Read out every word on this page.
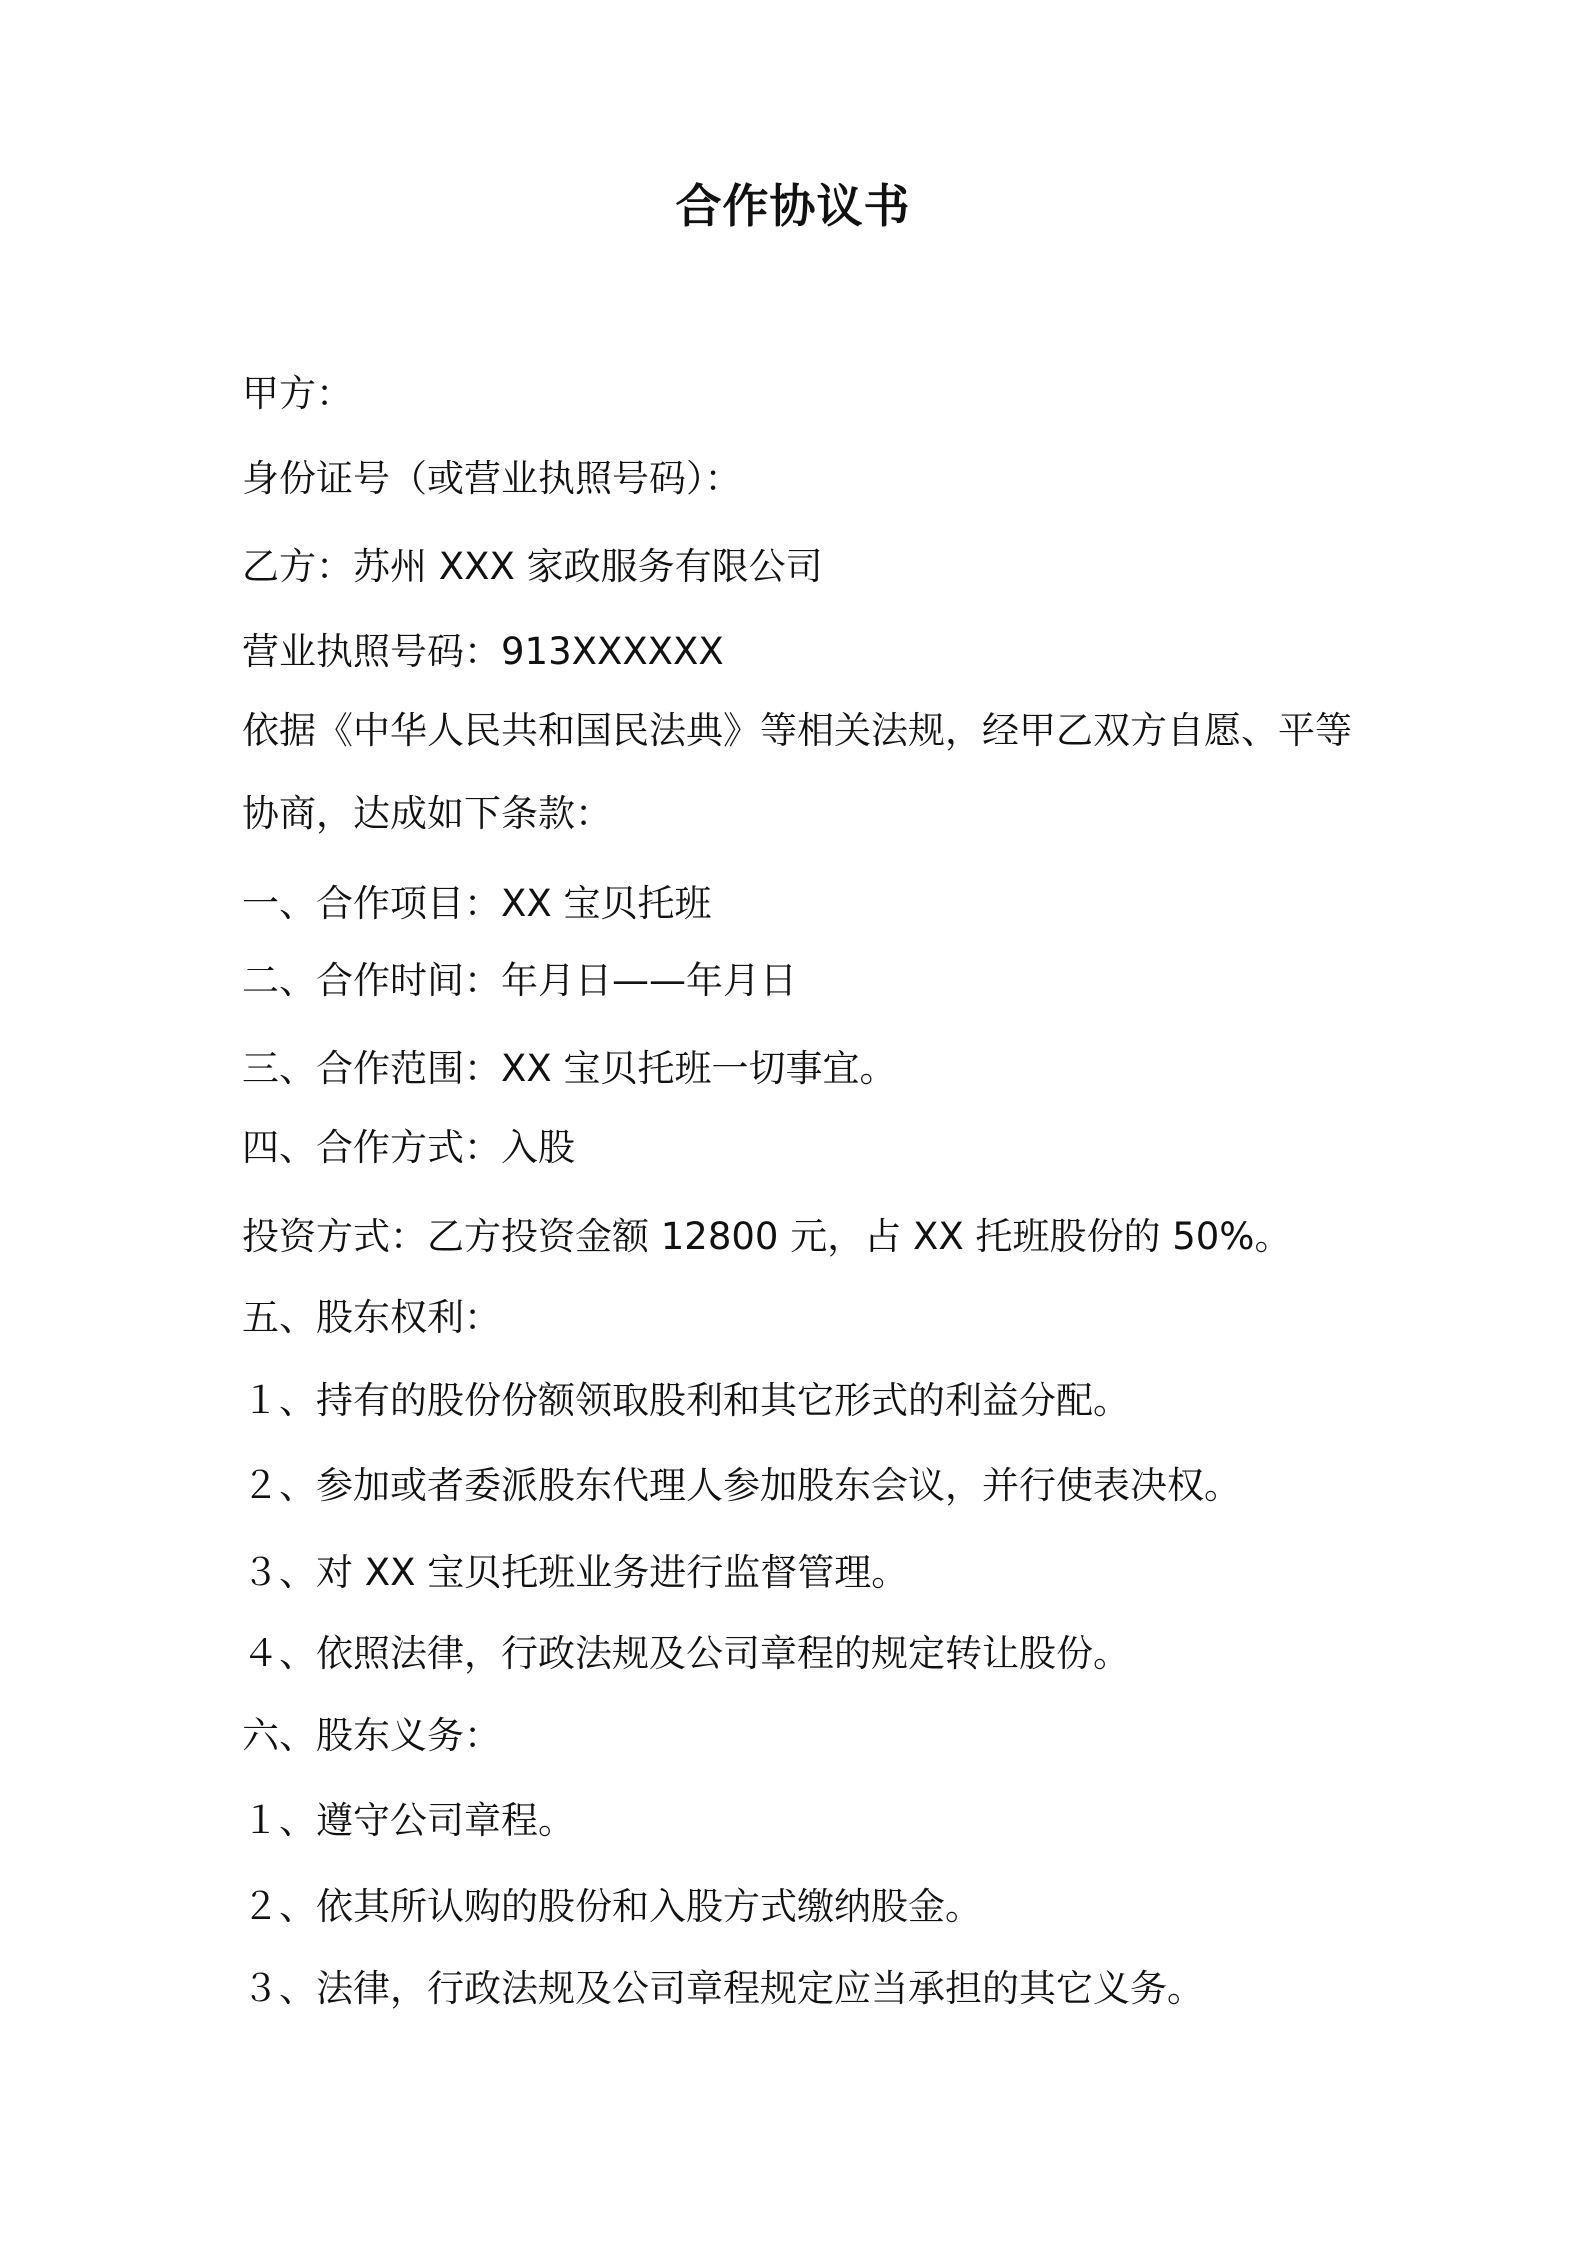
合作协议书

甲方：

身份证号（或营业执照号码）：

乙方：苏州 XXX 家政服务有限公司

营业执照号码：913XXXXXX

依据《中华人民共和国民法典》等相关法规，经甲乙双方自愿、平等

协商，达成如下条款：

一、合作项目：XX 宝贝托班

二、合作时间：年月日——年月日

三、合作范围：XX 宝贝托班一切事宜。

四、合作方式：入股

投资方式：乙方投资金额 12800 元，占 XX 托班股份的 50%。

五、股东权利：

１、持有的股份份额领取股利和其它形式的利益分配。

２、参加或者委派股东代理人参加股东会议，并行使表决权。

３、对 XX 宝贝托班业务进行监督管理。

４、依照法律，行政法规及公司章程的规定转让股份。

六、股东义务：

１、遵守公司章程。

２、依其所认购的股份和入股方式缴纳股金。

３、法律，行政法规及公司章程规定应当承担的其它义务。
